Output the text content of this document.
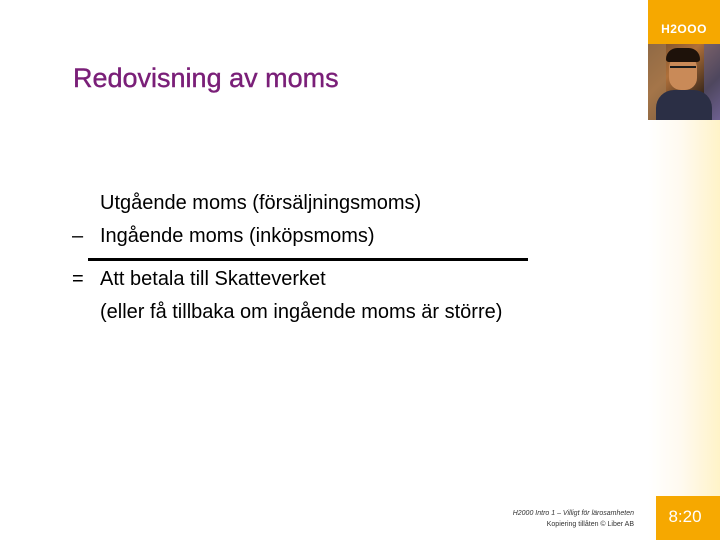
H2OOO
Redovisning av moms
Utgående moms (försäljningsmoms)
– Ingående moms (inköpsmoms)
= Att betala till Skatteverket
(eller få tillbaka om ingående moms är större)
H2000 Intro 1 – Villigt för lärosamheten
Kopiering tillåten © Liber AB	8:20
